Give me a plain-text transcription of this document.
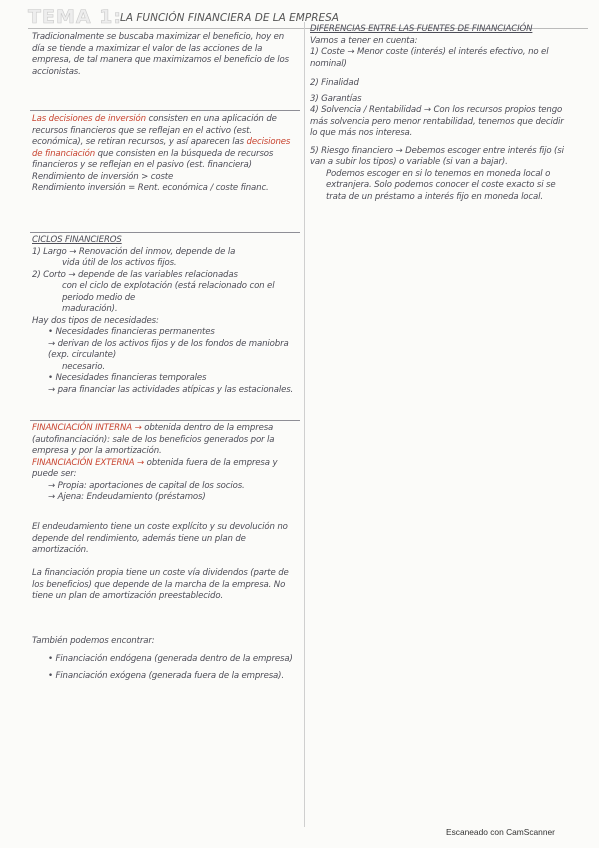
TEMA 1:
LA FUNCIÓN FINANCIERA DE LA EMPRESA

Tradicionalmente se buscaba maximizar el beneficio, hoy en día se tiende a maximizar el valor de las acciones de la empresa, de tal manera que maximizamos el beneficio de los accionistas.

Las decisiones de inversión consisten en una aplicación de recursos financieros que se reflejan en el activo (est. económica), se retiran recursos, y así aparecen las decisiones de financiación que consisten en la búsqueda de recursos financieros y se reflejan en el pasivo (est. financiera)

Rendimiento de inversión > coste

Rendimiento inversión = Rent. económica / coste financ.

CICLOS FINANCIEROS

1) Largo → Renovación del inmov, depende de la

vida útil de los activos fijos.

2) Corto → depende de las variables relacionadas

con el ciclo de explotación (está relacionado con el periodo medio de

maduración).

Hay dos tipos de necesidades:

• Necesidades financieras permanentes

→ derivan de los activos fijos y de los fondos de maniobra (exp. circulante)

necesario.

• Necesidades financieras temporales

→ para financiar las actividades atípicas y las estacionales.

FINANCIACIÓN INTERNA → obtenida dentro de la empresa (autofinanciación): sale de los beneficios generados por la empresa y por la amortización.

FINANCIACIÓN EXTERNA → obtenida fuera de la empresa y puede ser:

→ Propia: aportaciones de capital de los socios.

→ Ajena: Endeudamiento (préstamos)

El endeudamiento tiene un coste explícito y su devolución no depende del rendimiento, además tiene un plan de amortización.

La financiación propia tiene un coste vía dividendos (parte de los beneficios) que depende de la marcha de la empresa. No tiene un plan de amortización preestablecido.

También podemos encontrar:

• Financiación endógena (generada dentro de la empresa)

• Financiación exógena (generada fuera de la empresa).

DIFERENCIAS ENTRE LAS FUENTES DE FINANCIACIÓN

Vamos a tener en cuenta:

1) Coste → Menor coste (interés) el interés efectivo, no el nominal)

2) Finalidad

3) Garantías

4) Solvencia / Rentabilidad → Con los recursos propios tengo más solvencia pero menor rentabilidad, tenemos que decidir lo que más nos interesa.

5) Riesgo financiero → Debemos escoger entre interés fijo (si van a subir los tipos) o variable (si van a bajar).

Podemos escoger en si lo tenemos en moneda local o extranjera. Solo podemos conocer el coste exacto si se trata de un préstamo a interés fijo en moneda local.

Escaneado con CamScanner
